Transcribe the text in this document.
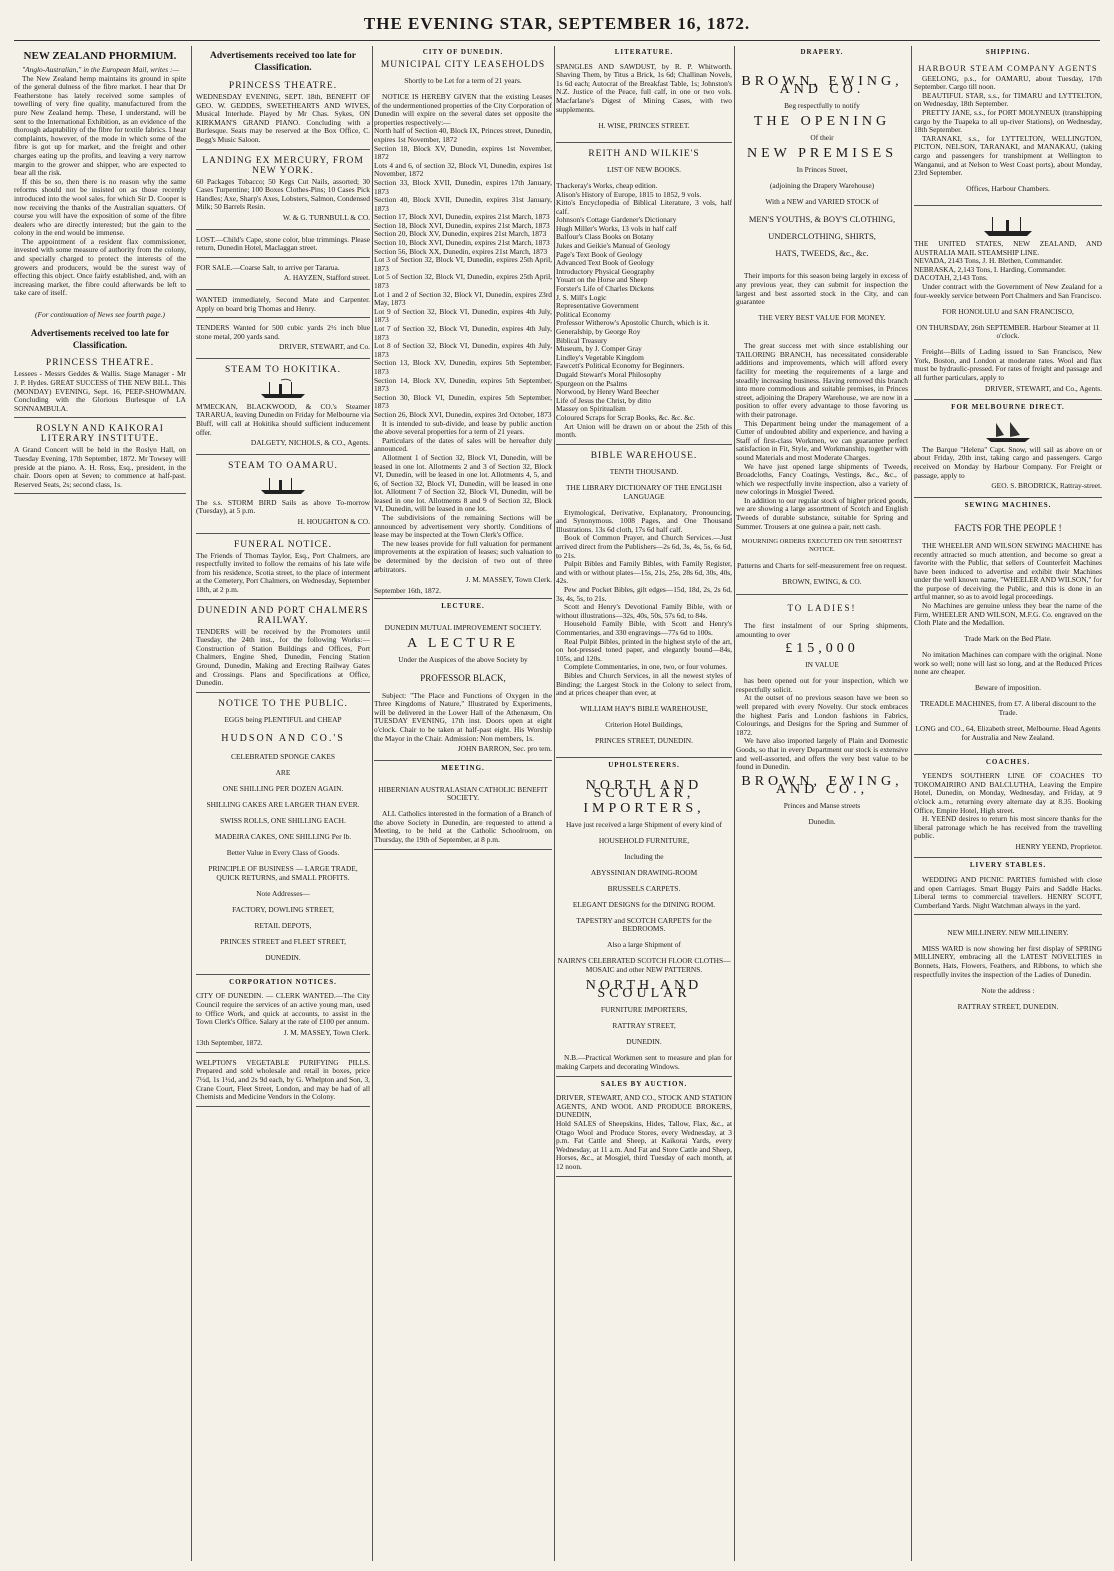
THE EVENING STAR, SEPTEMBER 16, 1872.
NEW ZEALAND PHORMIUM.

"Anglo-Australian," in the European Mail, writes :—

The New Zealand hemp maintains its ground in spite of the general dulness of the fibre market. I hear that Dr Featherstone has lately received some samples of towelling of very fine quality, manufactured from the pure New Zealand hemp. These, I understand, will be sent to the International Exhibition, as an evidence of the thorough adaptability of the fibre for textile fabrics. I hear complaints, however, of the mode in which some of the fibre is got up for market, and the freight and other charges eating up the profits, and leaving a very narrow margin to the grower and shipper, who are expected to bear all the risk.

If this be so, then there is no reason why the same reforms should not be insisted on as those recently introduced into the wool sales, for which Sir D. Cooper is now receiving the thanks of the Australian squatters. Of course you will have the exposition of some of the fibre dealers who are directly interested; but the gain to the colony in the end would be immense.

The appointment of a resident flax commissioner, invested with some measure of authority from the colony, and specially charged to protect the interests of the growers and producers, would be the surest way of effecting this object. Once fairly established, and, with an increasing market, the fibre could afterwards be left to take care of itself.

(For continuation of News see fourth page.)

Advertisements received too late for Classification.
PRINCESS THEATRE.

Lessees - Messrs Geddes & Wallis. Stage Manager - Mr J. P. Hydes. GREAT SUCCESS of THE NEW BILL. This (MONDAY) EVENING, Sept. 16, PEEP-SHOWMAN. Concluding with the Glorious Burlesque of LA SONNAMBULA.

ROSLYN AND KAIKORAI LITERARY INSTITUTE.

A Grand Concert will be held in the Roslyn Hall, on Tuesday Evening, 17th September, 1872. Mr Towsey will preside at the piano. A. H. Ross, Esq., president, in the chair. Doors open at Seven; to commence at half-past. Reserved Seats, 2s; second class, 1s.

Advertisements received too late for Classification.
PRINCESS THEATRE.

WEDNESDAY EVENING, SEPT. 18th, BENEFIT OF GEO. W. GEDDES, SWEETHEARTS AND WIVES, Musical Interlude. Played by Mr Chas. Sykes, ON KIRKMAN'S GRAND PIANO. Concluding with a Burlesque. Seats may be reserved at the Box Office, C. Begg's Music Saloon.

LANDING EX MERCURY, FROM NEW YORK.

60 Packages Tobacco; 50 Kegs Cut Nails, assorted; 30 Cases Turpentine; 100 Boxes Clothes-Pins; 10 Cases Pick Handles; Axe, Sharp's Axes, Lobsters, Salmon, Condensed Milk; 50 Barrels Resin.

W. & G. TURNBULL & CO.

LOST.—Child's Cape, stone color, blue trimmings. Please return, Dunedin Hotel, Maclaggan street.

FOR SALE.—Coarse Salt, to arrive per Tararua.

A. HAYZEN, Stafford street.

WANTED immediately, Second Mate and Carpenter. Apply on board brig Thomas and Henry.

TENDERS Wanted for 500 cubic yards 2½ inch blue stone metal, 200 yards sand.

DRIVER, STEWART, and Co.

STEAM TO HOKITIKA.

M'MECKAN, BLACKWOOD, & CO.'s Steamer TARARUA, leaving Dunedin on Friday for Melbourne via Bluff, will call at Hokitika should sufficient inducement offer.

DALGETY, NICHOLS, & CO., Agents.

STEAM TO OAMARU.

The s.s. STORM BIRD Sails as above To-morrow (Tuesday), at 5 p.m.

H. HOUGHTON & CO.

FUNERAL NOTICE.

The Friends of Thomas Taylor, Esq., Port Chalmers, are respectfully invited to follow the remains of his late wife from his residence, Scotia street, to the place of interment at the Cemetery, Port Chalmers, on Wednesday, September 18th, at 2 p.m.

DUNEDIN AND PORT CHALMERS RAILWAY.

TENDERS will be received by the Promoters until Tuesday, the 24th inst., for the following Works:— Construction of Station Buildings and Offices, Port Chalmers, Engine Shed, Dunedin, Fencing Station Ground, Dunedin, Making and Erecting Railway Gates and Crossings. Plans and Specifications at Office, Dunedin.

NOTICE TO THE PUBLIC.

EGGS being PLENTIFUL and CHEAP

HUDSON AND CO.'S

CELEBRATED SPONGE CAKES

ARE

ONE SHILLING PER DOZEN AGAIN.

SHILLING CAKES ARE LARGER THAN EVER.

SWISS ROLLS, ONE SHILLING EACH.

MADEIRA CAKES, ONE SHILLING Per lb.

Better Value in Every Class of Goods.

PRINCIPLE OF BUSINESS — LARGE TRADE, QUICK RETURNS, and SMALL PROFITS.

Note Addresses—

FACTORY, DOWLING STREET,

RETAIL DEPOTS,

PRINCES STREET and FLEET STREET,

DUNEDIN.

CORPORATION NOTICES.

CITY OF DUNEDIN. — CLERK WANTED.—The City Council require the services of an active young man, used to Office Work, and quick at accounts, to assist in the Town Clerk's Office. Salary at the rate of £100 per annum.

J. M. MASSEY, Town Clerk.

13th September, 1872.

WELPTON'S VEGETABLE PURIFYING PILLS. Prepared and sold wholesale and retail in boxes, price 7½d, 1s 1½d, and 2s 9d each, by G. Whelpton and Son, 3, Crane Court, Fleet Street, London, and may be had of all Chemists and Medicine Vendors in the Colony.

CITY OF DUNEDIN.
MUNICIPAL CITY LEASEHOLDS

Shortly to be Let for a term of 21 years.

NOTICE IS HEREBY GIVEN that the existing Leases of the undermentioned properties of the City Corporation of Dunedin will expire on the several dates set opposite the properties respectively:—

North half of Section 40, Block IX, Princes street, Dunedin, expires 1st November, 1872

Section 18, Block XV, Dunedin, expires 1st November, 1872

Lots 4 and 6, of section 32, Block VI, Dunedin, expires 1st November, 1872

Section 33, Block XVII, Dunedin, expires 17th January, 1873

Section 40, Block XVII, Dunedin, expires 31st January, 1873

Section 17, Block XVI, Dunedin, expires 21st March, 1873

Section 18, Block XVI, Dunedin, expires 21st March, 1873

Section 20, Block XV, Dunedin, expires 21st March, 1873

Section 10, Block XVI, Dunedin, expires 21st March, 1873

Section 56, Block XX, Dunedin, expires 21st March, 1873

Lot 3 of Section 32, Block VI, Dunedin, expires 25th April, 1873

Lot 5 of Section 32, Block VI, Dunedin, expires 25th April, 1873

Lot 1 and 2 of Section 32, Block VI, Dunedin, expires 23rd May, 1873

Lot 9 of Section 32, Block VI, Dunedin, expires 4th July, 1873

Lot 7 of Section 32, Block VI, Dunedin, expires 4th July, 1873

Lot 8 of Section 32, Block VI, Dunedin, expires 4th July, 1873

Section 13, Block XV, Dunedin, expires 5th September, 1873

Section 14, Block XV, Dunedin, expires 5th September, 1873

Section 30, Block VI, Dunedin, expires 5th September, 1873

Section 26, Block XVI, Dunedin, expires 3rd October, 1873

It is intended to sub-divide, and lease by public auction the above several properties for a term of 21 years.

Particulars of the dates of sales will be hereafter duly announced.

Allotment 1 of Section 32, Block VI, Dunedin, will be leased in one lot. Allotments 2 and 3 of Section 32, Block VI, Dunedin, will be leased in one lot. Allotments 4, 5, and 6, of Section 32, Block VI, Dunedin, will be leased in one lot. Allotment 7 of Section 32, Block VI, Dunedin, will be leased in one lot. Allotments 8 and 9 of Section 32, Block VI, Dunedin, will be leased in one lot.

The subdivisions of the remaining Sections will be announced by advertisement very shortly. Conditions of lease may be inspected at the Town Clerk's Office.

The new leases provide for full valuation for permanent improvements at the expiration of leases; such valuation to be determined by the decision of two out of three arbitrators.

J. M. MASSEY, Town Clerk.

September 16th, 1872.

LECTURE.

DUNEDIN MUTUAL IMPROVEMENT SOCIETY.

A LECTURE

Under the Auspices of the above Society by

PROFESSOR BLACK,

Subject: "The Place and Functions of Oxygen in the Three Kingdoms of Nature," Illustrated by Experiments, will be delivered in the Lower Hall of the Athenæum, On TUESDAY EVENING, 17th inst. Doors open at eight o'clock. Chair to be taken at half-past eight. His Worship the Mayor in the Chair. Admission: Non members, 1s.

JOHN BARRON, Sec. pro tem.

MEETING.

HIBERNIAN AUSTRALASIAN CATHOLIC BENEFIT SOCIETY.

ALL Catholics interested in the formation of a Branch of the above Society in Dunedin, are requested to attend a Meeting, to be held at the Catholic Schoolroom, on Thursday, the 19th of September, at 8 p.m.

LITERATURE.

SPANGLES AND SAWDUST, by R. P. Whitworth. Shaving Them, by Titus a Brick, 1s 6d; Challinan Novels, 1s 6d each; Autocrat of the Breakfast Table, 1s; Johnston's N.Z. Justice of the Peace, full calf, in one or two vols. Macfarlane's Digest of Mining Cases, with two supplements.

H. WISE, PRINCES STREET.

REITH AND WILKIE'S

LIST OF NEW BOOKS.

Thackeray's Works, cheap edition.

Alison's History of Europe, 1815 to 1852, 9 vols.

Kitto's Encyclopedia of Biblical Literature, 3 vols, half calf.

Johnson's Cottage Gardener's Dictionary

Hugh Miller's Works, 13 vols in half calf

Balfour's Class Books on Botany

Jukes and Geikie's Manual of Geology

Page's Text Book of Geology

Advanced Text Book of Geology

Introductory Physical Geography

Youatt on the Horse and Sheep

Forster's Life of Charles Dickens

J. S. Mill's Logic

Representative Government

Political Economy

Professor Witherow's Apostolic Church, which is it.

Generalship, by George Roy

Biblical Treasury

Museum, by J. Comper Gray

Lindley's Vegetable Kingdom

Fawcett's Political Economy for Beginners.

Dugald Stewart's Moral Philosophy

Spurgeon on the Psalms

Norwood, by Henry Ward Beecher

Life of Jesus the Christ, by ditto

Massey on Spiritualism

Coloured Scraps for Scrap Books, &c. &c. &c.

Art Union will be drawn on or about the 25th of this month.

BIBLE WAREHOUSE.

TENTH THOUSAND.

THE LIBRARY DICTIONARY OF THE ENGLISH LANGUAGE

Etymological, Derivative, Explanatory, Pronouncing, and Synonymous. 1008 Pages, and One Thousand Illustrations. 13s 6d cloth, 17s 6d half calf.

Book of Common Prayer, and Church Services.—Just arrived direct from the Publishers—2s 6d, 3s, 4s, 5s, 6s 6d, to 21s.

Pulpit Bibles and Family Bibles, with Family Register, and with or without plates—15s, 21s, 25s, 28s 6d, 30s, 40s, 42s.

Pew and Pocket Bibles, gilt edges—15d, 18d, 2s, 2s 6d, 3s, 4s, 5s, to 21s.

Scott and Henry's Devotional Family Bible, with or without illustrations—32s, 40s, 50s, 57s 6d, to 84s.

Household Family Bible, with Scott and Henry's Commentaries, and 330 engravings—77s 6d to 100s.

Real Pulpit Bibles, printed in the highest style of the art, on hot-pressed toned paper, and elegantly bound—84s, 105s, and 120s.

Complete Commentaries, in one, two, or four volumes.

Bibles and Church Services, in all the newest styles of Binding; the Largest Stock in the Colony to select from, and at prices cheaper than ever, at

WILLIAM HAY'S BIBLE WAREHOUSE,

Criterion Hotel Buildings,

PRINCES STREET, DUNEDIN.

UPHOLSTERERS.

NORTH AND SCOULAR,

IMPORTERS,

Have just received a large Shipment of every kind of

HOUSEHOLD FURNITURE,

Including the

ABYSSINIAN DRAWING-ROOM

BRUSSELS CARPETS.

ELEGANT DESIGNS for the DINING ROOM.

TAPESTRY and SCOTCH CARPETS for the BEDROOMS.

Also a large Shipment of

NAIRN'S CELEBRATED SCOTCH FLOOR CLOTHS—MOSAIC and other NEW PATTERNS.

NORTH AND SCOULAR

FURNITURE IMPORTERS,

RATTRAY STREET,

DUNEDIN.

N.B.—Practical Workmen sent to measure and plan for making Carpets and decorating Windows.

SALES BY AUCTION.

DRIVER, STEWART, AND CO., STOCK AND STATION AGENTS, AND WOOL AND PRODUCE BROKERS, DUNEDIN,

Hold SALES of Sheepskins, Hides, Tallow, Flax, &c., at Otago Wool and Produce Stores, every Wednesday, at 3 p.m. Fat Cattle and Sheep, at Kaikorai Yards, every Wednesday, at 11 a.m. And Fat and Store Cattle and Sheep, Horses, &c., at Mosgiel, third Tuesday of each month, at 12 noon.

DRAPERY.

BROWN, EWING, AND CO.

Beg respectfully to notify

THE OPENING

Of their

NEW PREMISES

In Princes Street,

(adjoining the Drapery Warehouse)

With a NEW and VARIED STOCK of

MEN'S YOUTHS, & BOY'S CLOTHING,

UNDERCLOTHING, SHIRTS,

HATS, TWEEDS, &c., &c.

Their imports for this season being largely in excess of any previous year, they can submit for inspection the largest and best assorted stock in the City, and can guarantee

THE VERY BEST VALUE FOR MONEY.

The great success met with since establishing our TAILORING BRANCH, has necessitated considerable additions and improvements, which will afford every facility for meeting the requirements of a large and steadily increasing business. Having removed this branch into more commodious and suitable premises, in Princes street, adjoining the Drapery Warehouse, we are now in a position to offer every advantage to those favoring us with their patronage.

This Department being under the management of a Cutter of undoubted ability and experience, and having a Staff of first-class Workmen, we can guarantee perfect satisfaction in Fit, Style, and Workmanship, together with sound Materials and most Moderate Charges.

We have just opened large shipments of Tweeds, Broadcloths, Fancy Coatings, Vestings, &c., &c., of which we respectfully invite inspection, also a variety of new colorings in Mosgiel Tweed.

In addition to our regular stock of higher priced goods, we are showing a large assortment of Scotch and English Tweeds of durable substance, suitable for Spring and Summer. Trousers at one guinea a pair, nett cash.

MOURNING ORDERS EXECUTED ON THE SHORTEST NOTICE.

Patterns and Charts for self-measurement free on request.

BROWN, EWING, & CO.

TO LADIES!

The first instalment of our Spring shipments, amounting to over

£15,000

IN VALUE

has been opened out for your inspection, which we respectfully solicit.

At the outset of no previous season have we been so well prepared with every Novelty. Our stock embraces the highest Paris and London fashions in Fabrics, Colourings, and Designs for the Spring and Summer of 1872.

We have also imported largely of Plain and Domestic Goods, so that in every Department our stock is extensive and well-assorted, and offers the very best value to be found in Dunedin.

BROWN, EWING, AND CO.,

Princes and Manse streets

Dunedin.

SHIPPING.
HARBOUR STEAM COMPANY AGENTS

GEELONG, p.s., for OAMARU, about Tuesday, 17th September. Cargo till noon.

BEAUTIFUL STAR, s.s., for TIMARU and LYTTELTON, on Wednesday, 18th September.

PRETTY JANE, s.s., for PORT MOLYNEUX (transhipping cargo by the Tuapeka to all up-river Stations), on Wednesday, 18th September.

TARANAKI, s.s., for LYTTELTON, WELLINGTON, PICTON, NELSON, TARANAKI, and MANAKAU, (taking cargo and passengers for transhipment at Wellington to Wanganui, and at Nelson to West Coast ports), about Monday, 23rd September.

Offices, Harbour Chambers.

THE UNITED STATES, NEW ZEALAND, AND AUSTRALIA MAIL STEAMSHIP LINE.

NEVADA, 2143 Tons, J. H. Blethen, Commander.

NEBRASKA, 2,143 Tons, I. Harding, Commander.

DACOTAH, 2,143 Tons.

Under contract with the Government of New Zealand for a four-weekly service between Port Chalmers and San Francisco.

FOR HONOLULU and SAN FRANCISCO,

ON THURSDAY, 26th SEPTEMBER. Harbour Steamer at 11 o'clock.

Freight—Bills of Lading issued to San Francisco, New York, Boston, and London at moderate rates. Wool and flax must be hydraulic-pressed. For rates of freight and passage and all further particulars, apply to

DRIVER, STEWART, and Co., Agents.

FOR MELBOURNE DIRECT.

The Barque "Helena" Capt. Snow, will sail as above on or about Friday, 20th inst, taking cargo and passengers. Cargo received on Monday by Harbour Company. For Freight or passage, apply to

GEO. S. BRODRICK, Rattray-street.

SEWING MACHINES.

FACTS FOR THE PEOPLE !

THE WHEELER AND WILSON SEWING MACHINE has recently attracted so much attention, and become so great a favorite with the Public, that sellers of Counterfeit Machines have been induced to advertise and exhibit their Machines under the well known name, "WHEELER AND WILSON," for the purpose of deceiving the Public, and this is done in an artful manner, so as to avoid legal proceedings.

No Machines are genuine unless they bear the name of the Firm, WHEELER AND WILSON, M.F.G. Co. engraved on the Cloth Plate and the Medallion.

Trade Mark on the Bed Plate.

No imitation Machines can compare with the original. None work so well; none will last so long, and at the Reduced Prices none are cheaper.

Beware of imposition.

TREADLE MACHINES, from £7. A liberal discount to the Trade.

LONG and CO., 64, Elizabeth street, Melbourne. Head Agents for Australia and New Zealand.

COACHES.

YEEND'S SOUTHERN LINE OF COACHES TO TOKOMAIRIRO AND BALCLUTHA, Leaving the Empire Hotel, Dunedin, on Monday, Wednesday, and Friday, at 9 o'clock a.m., returning every alternate day at 8.35. Booking Office, Empire Hotel, High street.

H. YEEND desires to return his most sincere thanks for the liberal patronage which he has received from the travelling public.

HENRY YEEND, Proprietor.

LIVERY STABLES.

WEDDING AND PICNIC PARTIES furnished with close and open Carriages. Smart Buggy Pairs and Saddle Hacks. Liberal terms to commercial travellers. HENRY SCOTT, Cumberland Yards. Night Watchman always in the yard.

NEW MILLINERY. NEW MILLINERY.

MISS WARD is now showing her first display of SPRING MILLINERY, embracing all the LATEST NOVELTIES in Bonnets, Hats, Flowers, Feathers, and Ribbons, to which she respectfully invites the inspection of the Ladies of Dunedin.

Note the address :

RATTRAY STREET, DUNEDIN.
